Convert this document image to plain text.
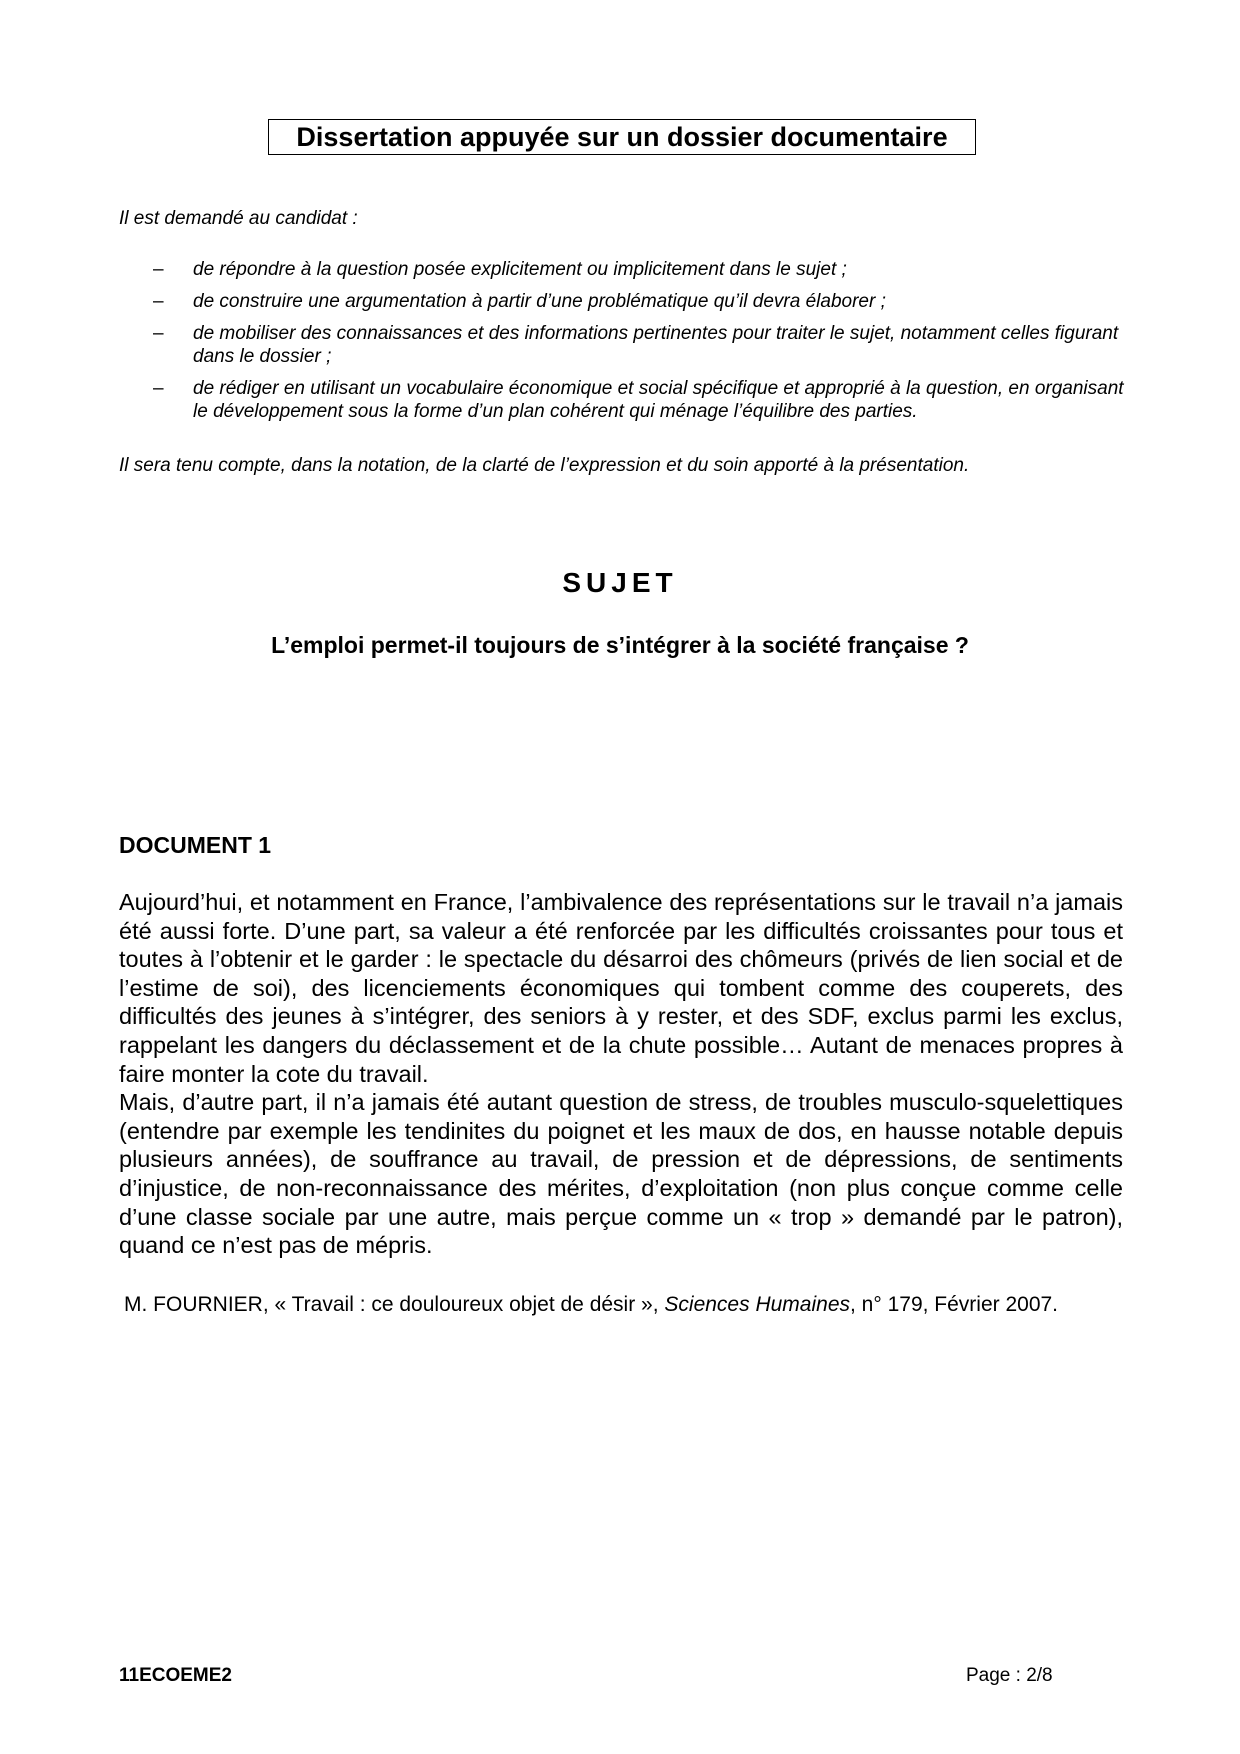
Dissertation appuyée sur un dossier documentaire
Il est demandé au candidat :
– de répondre à la question posée explicitement ou implicitement dans le sujet ;
– de construire une argumentation à partir d’une problématique qu’il devra élaborer ;
– de mobiliser des connaissances et des informations pertinentes pour traiter le sujet, notamment celles figurant dans le dossier ;
– de rédiger en utilisant un vocabulaire économique et social spécifique et approprié à la question, en organisant le développement sous la forme d’un plan cohérent qui ménage l’équilibre des parties.
Il sera tenu compte, dans la notation, de la clarté de l’expression et du soin apporté à la présentation.
SUJET
L’emploi permet-il toujours de s’intégrer à la société française ?
DOCUMENT 1

Aujourd’hui, et notamment en France, l’ambivalence des représentations sur le travail n’a jamais été aussi forte. D’une part, sa valeur a été renforcée par les difficultés croissantes pour tous et toutes à l’obtenir et le garder : le spectacle du désarroi des chômeurs (privés de lien social et de l’estime de soi), des licenciements économiques qui tombent comme des couperets, des difficultés des jeunes à s’intégrer, des seniors à y rester, et des SDF, exclus parmi les exclus, rappelant les dangers du déclassement et de la chute possible… Autant de menaces propres à faire monter la cote du travail.

Mais, d’autre part, il n’a jamais été autant question de stress, de troubles musculo-squelettiques (entendre par exemple les tendinites du poignet et les maux de dos, en hausse notable depuis plusieurs années), de souffrance au travail, de pression et de dépressions, de sentiments d’injustice, de non-reconnaissance des mérites, d’exploitation (non plus conçue comme celle d’une classe sociale par une autre, mais perçue comme un « trop » demandé par le patron), quand ce n’est pas de mépris.

M. FOURNIER, « Travail : ce douloureux objet de désir », Sciences Humaines, n° 179, Février 2007.
11ECOEME2	Page : 2/8
